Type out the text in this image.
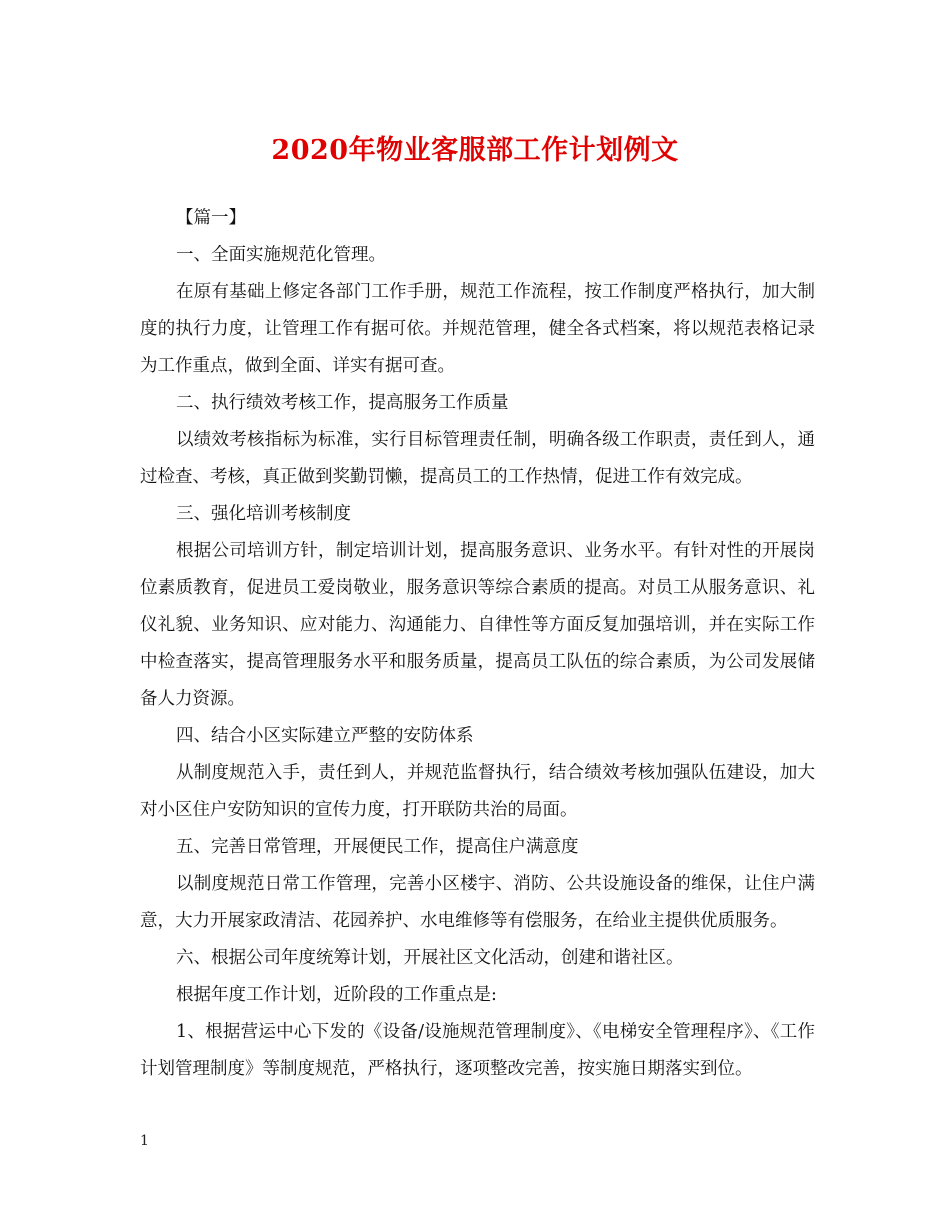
2020年物业客服部工作计划例文

【篇一】

一、全面实施规范化管理。

在原有基础上修定各部门工作手册，规范工作流程，按工作制度严格执行，加大制度的执行力度，让管理工作有据可依。并规范管理，健全各式档案，将以规范表格记录为工作重点，做到全面、详实有据可查。

二、执行绩效考核工作，提高服务工作质量

以绩效考核指标为标准，实行目标管理责任制，明确各级工作职责，责任到人，通过检查、考核，真正做到奖勤罚懒，提高员工的工作热情，促进工作有效完成。

三、强化培训考核制度

根据公司培训方针，制定培训计划，提高服务意识、业务水平。有针对性的开展岗位素质教育，促进员工爱岗敬业，服务意识等综合素质的提高。对员工从服务意识、礼仪礼貌、业务知识、应对能力、沟通能力、自律性等方面反复加强培训，并在实际工作中检查落实，提高管理服务水平和服务质量，提高员工队伍的综合素质，为公司发展储备人力资源。

四、结合小区实际建立严整的安防体系

从制度规范入手，责任到人，并规范监督执行，结合绩效考核加强队伍建设，加大对小区住户安防知识的宣传力度，打开联防共治的局面。

五、完善日常管理，开展便民工作，提高住户满意度

以制度规范日常工作管理，完善小区楼宇、消防、公共设施设备的维保，让住户满意，大力开展家政清洁、花园养护、水电维修等有偿服务，在给业主提供优质服务。

六、根据公司年度统筹计划，开展社区文化活动，创建和谐社区。

根据年度工作计划，近阶段的工作重点是:

1、根据营运中心下发的《设备/设施规范管理制度》、《电梯安全管理程序》、《工作计划管理制度》等制度规范，严格执行，逐项整改完善，按实施日期落实到位。

1
